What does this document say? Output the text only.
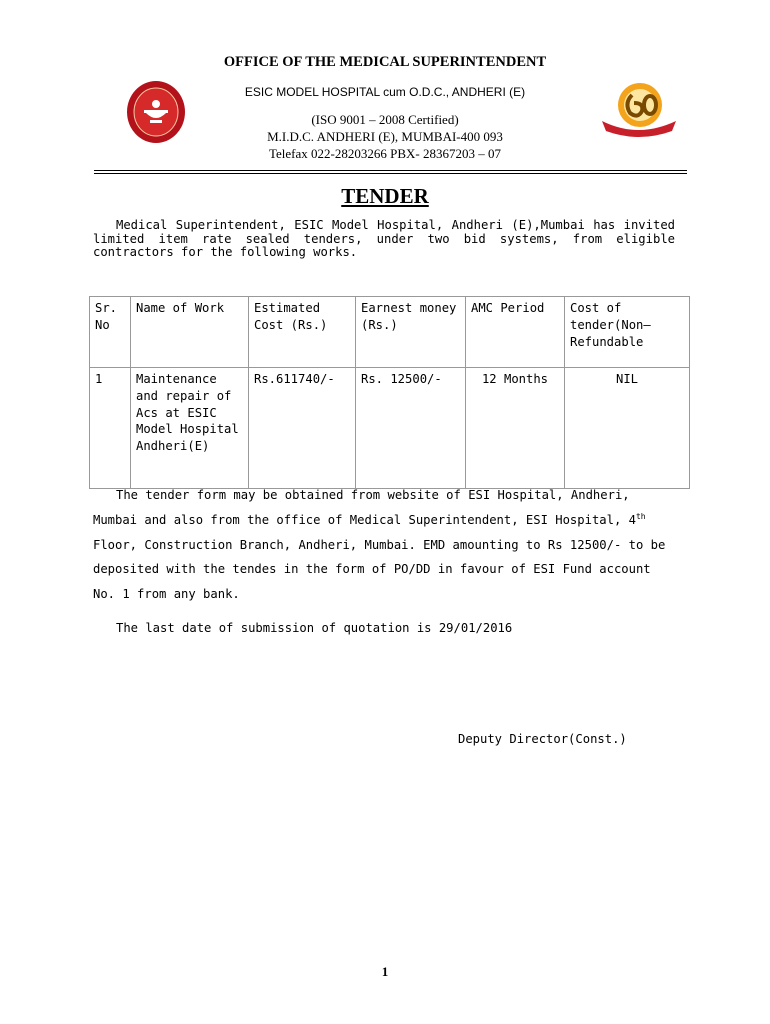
OFFICE OF THE MEDICAL SUPERINTENDENT
ESIC MODEL HOSPITAL cum O.D.C., ANDHERI (E)
(ISO 9001 – 2008 Certified)
M.I.D.C. ANDHERI (E), MUMBAI-400 093
Telefax 022-28203266 PBX- 28367203 – 07
TENDER
Medical Superintendent, ESIC Model Hospital, Andheri (E),Mumbai has invited limited item rate sealed tenders, under two bid systems, from eligible contractors for the following works.
Sr. No	Name of Work	Estimated Cost (Rs.)	Earnest money (Rs.)	AMC Period	Cost of tender(Non–Refundable
1	Maintenance and repair of Acs at ESIC Model Hospital Andheri(E)	Rs.611740/-	Rs. 12500/-	12 Months	NIL

The tender form may be obtained from website of ESI Hospital, Andheri, Mumbai and also from the office of Medical Superintendent, ESI Hospital, 4th Floor, Construction Branch, Andheri, Mumbai. EMD amounting to Rs 12500/- to be deposited with the tendes in the form of PO/DD in favour of ESI Fund account No. 1 from any bank.

The last date of submission of quotation is 29/01/2016
Deputy Director(Const.)
1
